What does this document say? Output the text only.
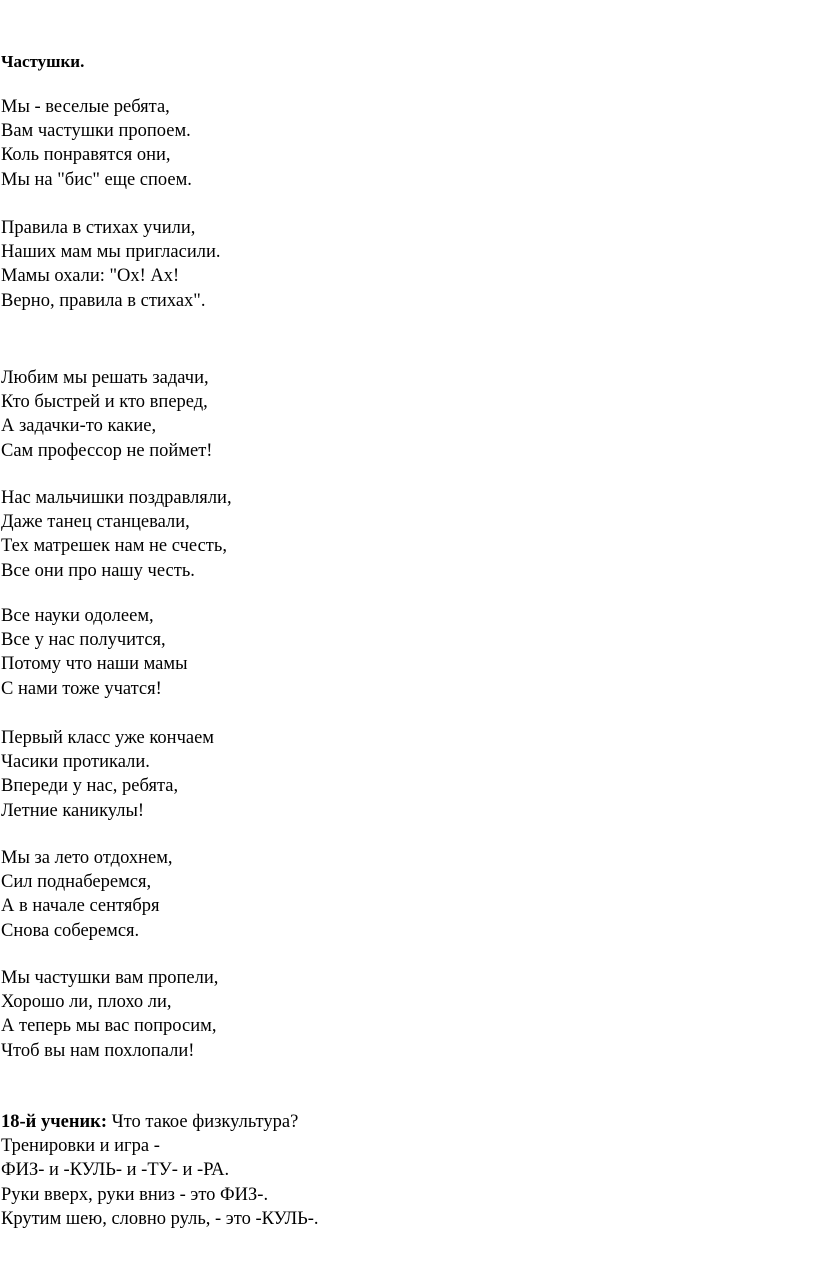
Частушки.

Мы - веселые ребята,
Вам частушки пропоем.
Коль понравятся они,
Мы на "бис" еще споем.

Правила в стихах учили,
Наших мам мы пригласили.
Мамы охали: "Ох! Ах!
Верно, правила в стихах".

Любим мы решать задачи,
Кто быстрей и кто вперед,
А задачки-то какие,
Сам профессор не поймет!

Нас мальчишки поздравляли,
Даже танец станцевали,
Тех матрешек нам не счесть,
Все они про нашу честь.

Все науки одолеем,
Все у нас получится,
Потому что наши мамы
С нами тоже учатся!

Первый класс уже кончаем
Часики протикали.
Впереди у нас, ребята,
Летние каникулы!

Мы за лето отдохнем,
Сил поднаберемся,
А в начале сентября
Снова соберемся.

Мы частушки вам пропели,
Хорошо ли, плохо ли,
А теперь мы вас попросим,
Чтоб вы нам похлопали!

18-й ученик: Что такое физкультура?
Тренировки и игра -
ФИЗ- и -КУЛЬ- и -ТУ- и -РА.
Руки вверх, руки вниз - это ФИЗ-.
Крутим шею, словно руль, - это -КУЛЬ-.
